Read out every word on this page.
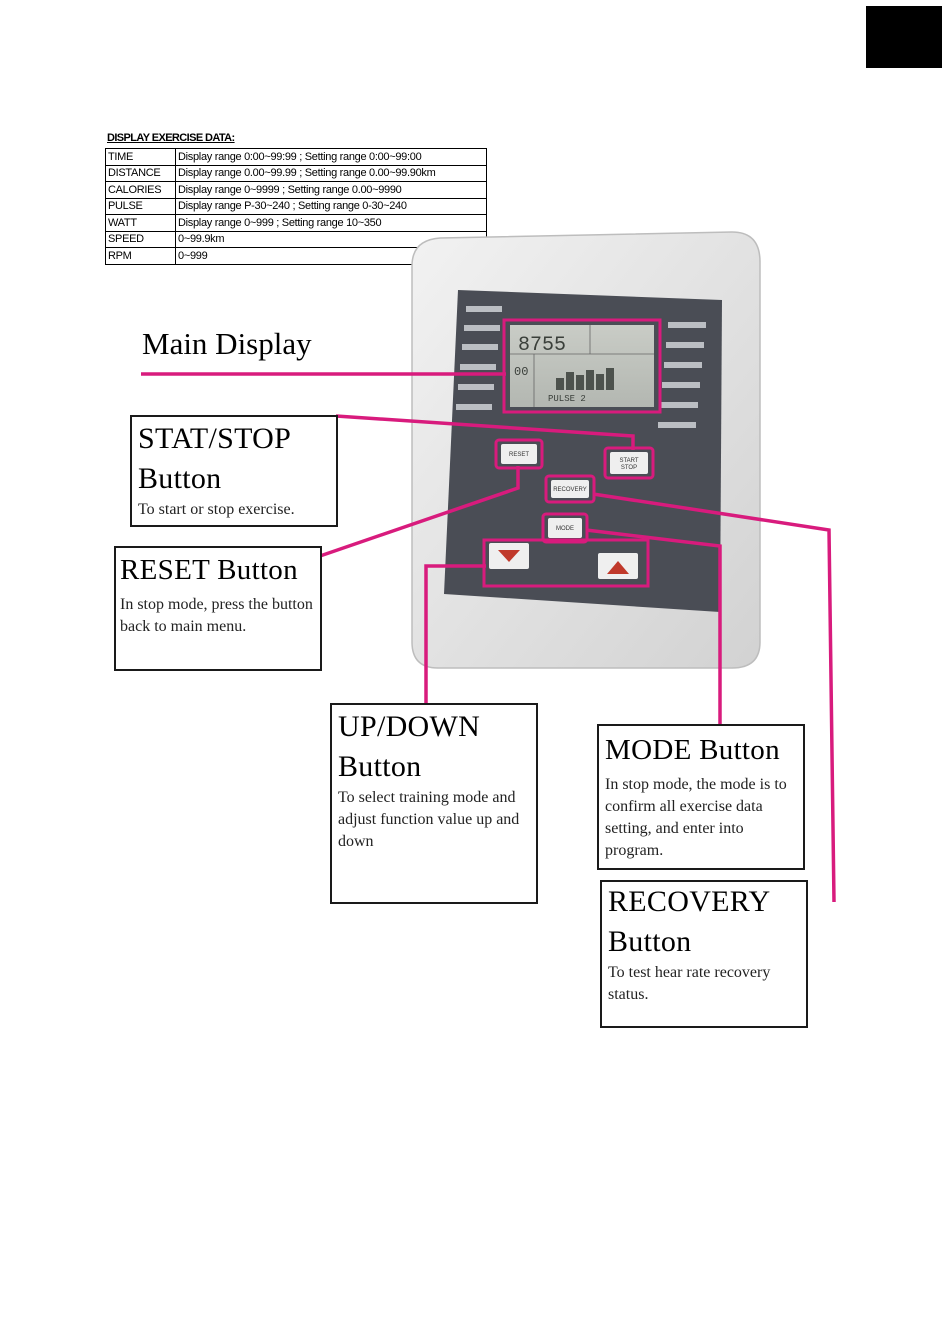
DISPLAY EXERCISE DATA:
TIME	Display range 0:00~99:99 ; Setting range 0:00~99:00
DISTANCE	Display range 0.00~99.99 ; Setting range 0.00~99.90km
CALORIES	Display range 0~9999 ; Setting range 0.00~9990
PULSE	Display range P-30~240 ; Setting range 0-30~240
WATT	Display range 0~999 ; Setting range 10~350
SPEED	0~99.9km
RPM	0~999
8755
00
PULSE 2
RESET
START
STOP
RECOVERY
MODE
Main Display
STAT/STOP
Button
To start or stop exercise.
RESET Button
In stop mode, press the button back to main menu.
UP/DOWN
Button
To select training mode and adjust function value up and down
MODE Button
In stop mode, the mode is to confirm all exercise data setting, and enter into program.
RECOVERY
Button
To test hear rate recovery status.
